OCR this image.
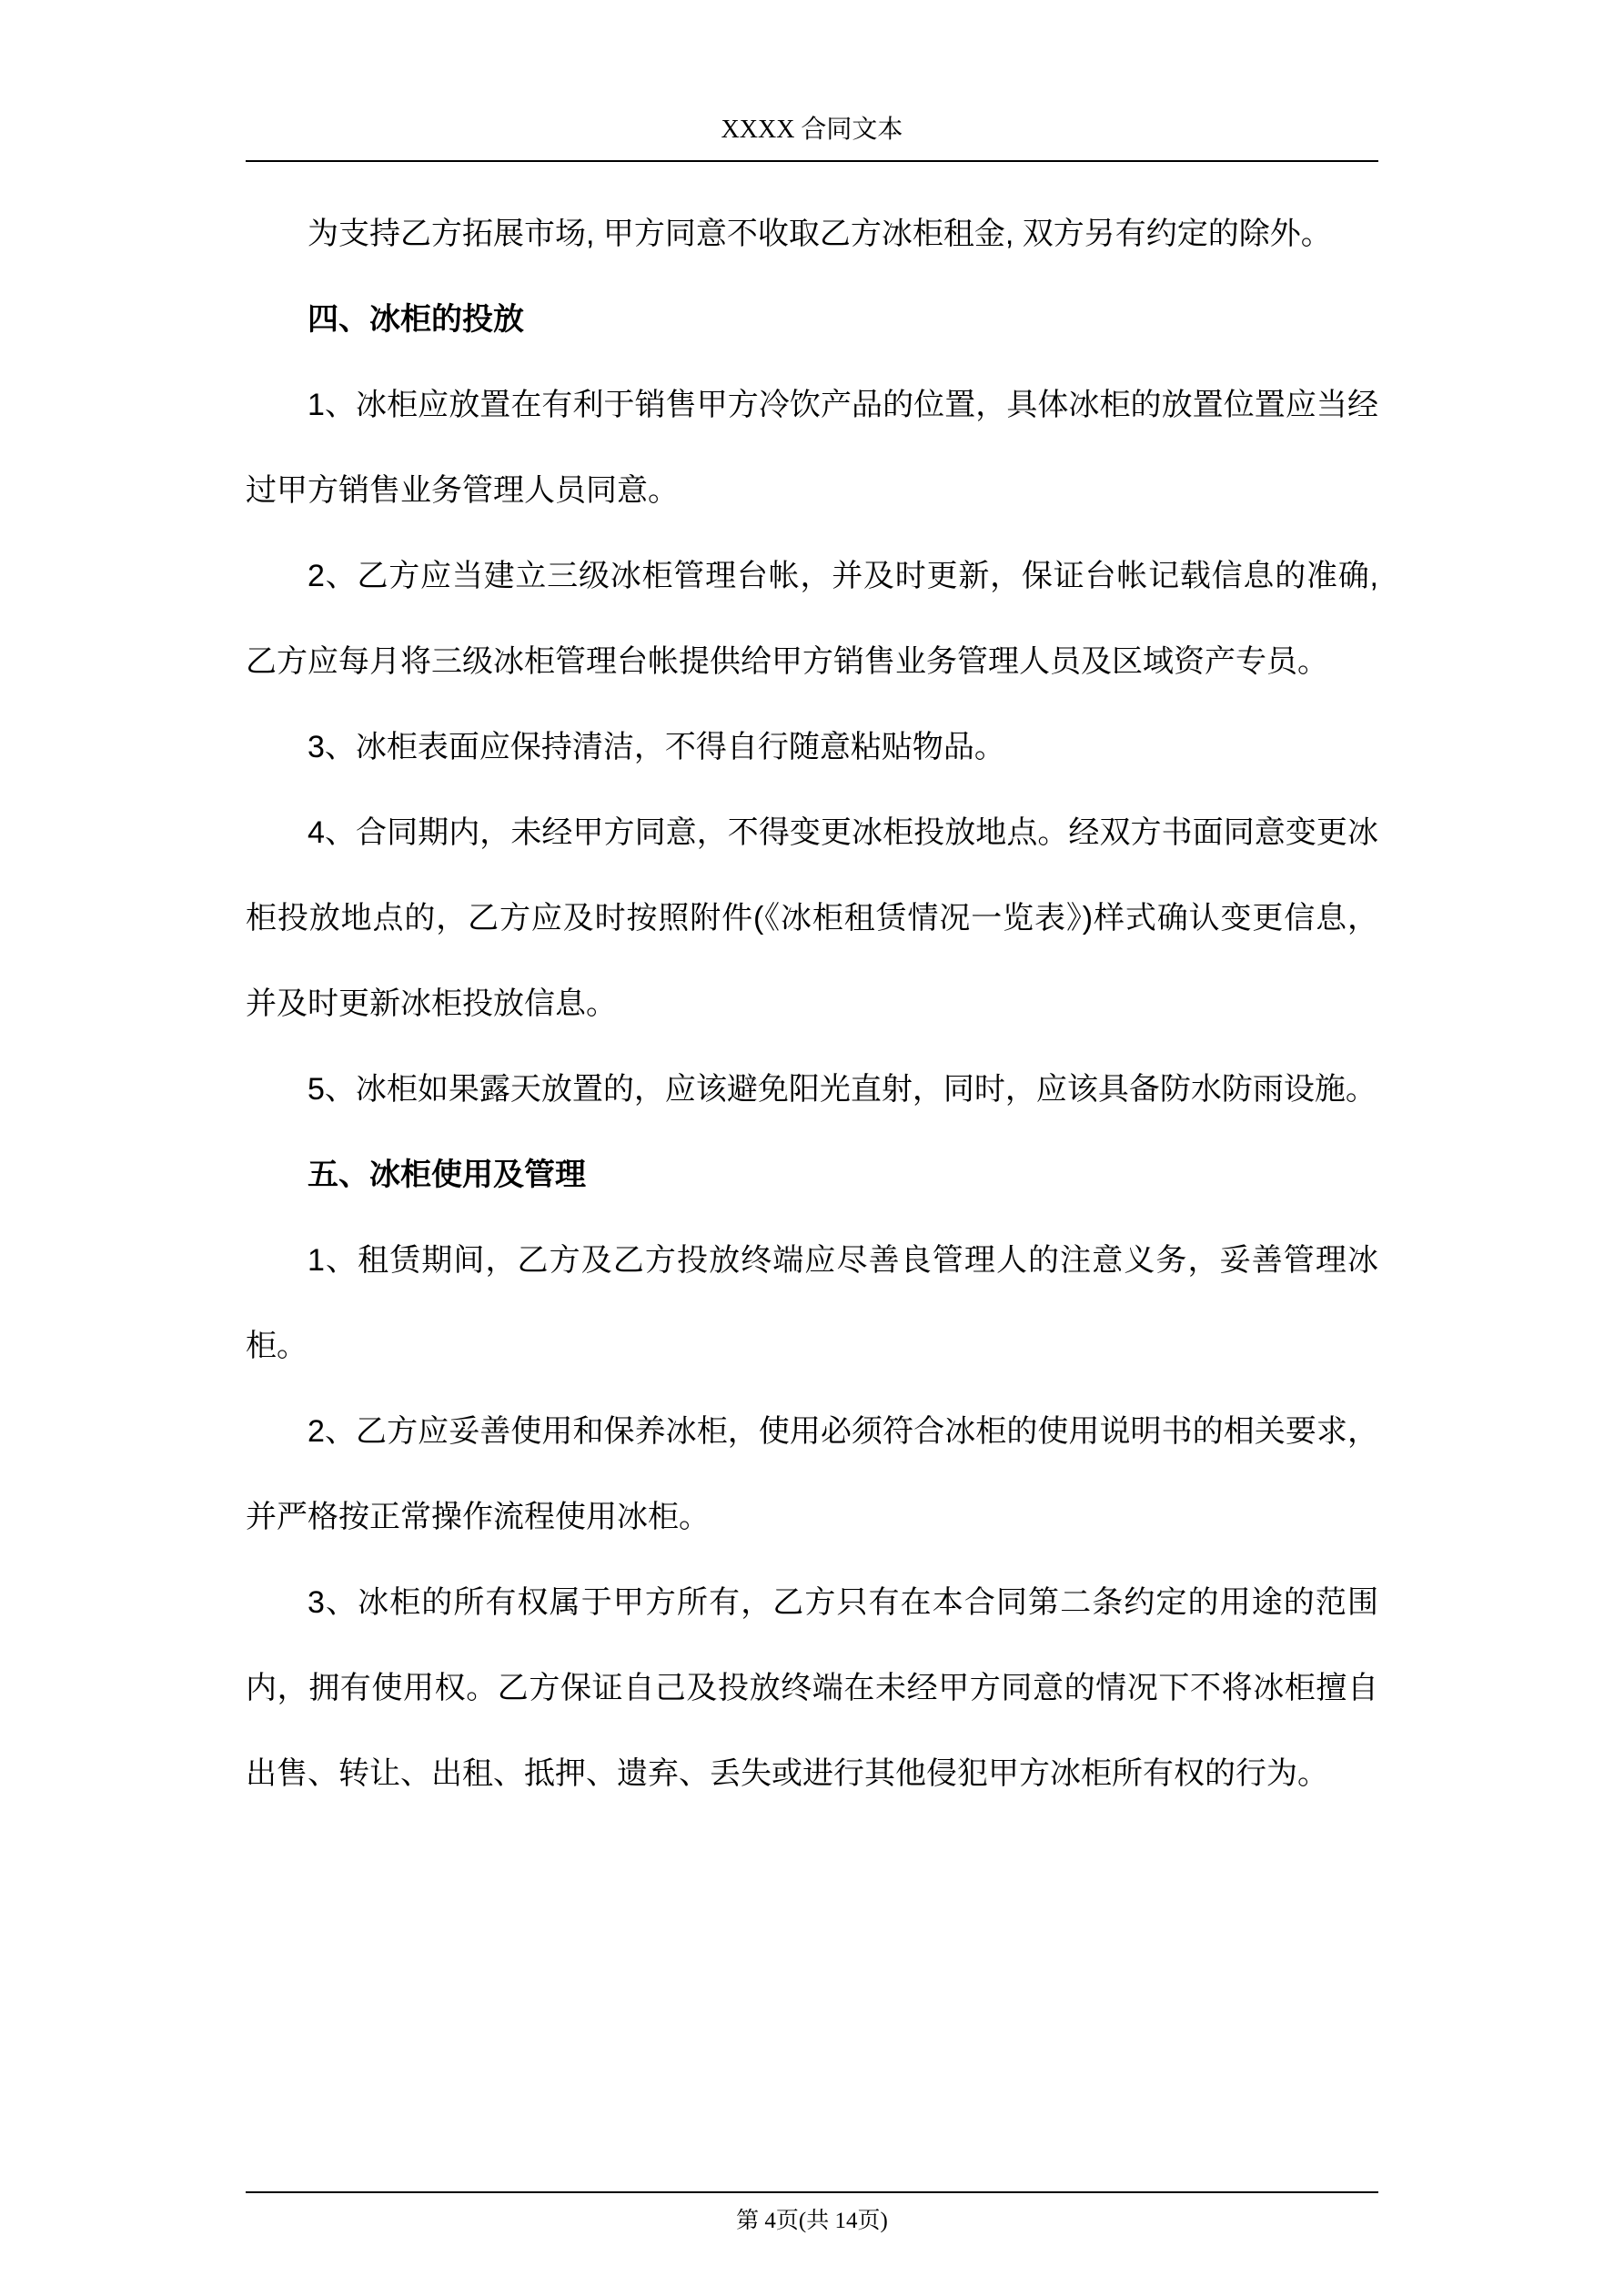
XXXX 合同文本

为支持乙方拓展市场, 甲方同意不收取乙方冰柜租金, 双方另有约定的除外。

四、冰柜的投放

1、冰柜应放置在有利于销售甲方冷饮产品的位置，具体冰柜的放置位置应当经过甲方销售业务管理人员同意。

2、乙方应当建立三级冰柜管理台帐，并及时更新，保证台帐记载信息的准确,乙方应每月将三级冰柜管理台帐提供给甲方销售业务管理人员及区域资产专员。

3、冰柜表面应保持清洁，不得自行随意粘贴物品。

4、合同期内，未经甲方同意，不得变更冰柜投放地点。经双方书面同意变更冰柜投放地点的，乙方应及时按照附件(《冰柜租赁情况一览表》)样式确认变更信息，并及时更新冰柜投放信息。

5、冰柜如果露天放置的，应该避免阳光直射，同时，应该具备防水防雨设施。

五、冰柜使用及管理

1、租赁期间，乙方及乙方投放终端应尽善良管理人的注意义务，妥善管理冰柜。

2、乙方应妥善使用和保养冰柜，使用必须符合冰柜的使用说明书的相关要求，并严格按正常操作流程使用冰柜。

3、冰柜的所有权属于甲方所有，乙方只有在本合同第二条约定的用途的范围内，拥有使用权。乙方保证自己及投放终端在未经甲方同意的情况下不将冰柜擅自出售、转让、出租、抵押、遗弃、丢失或进行其他侵犯甲方冰柜所有权的行为。

第 4页(共 14页)
